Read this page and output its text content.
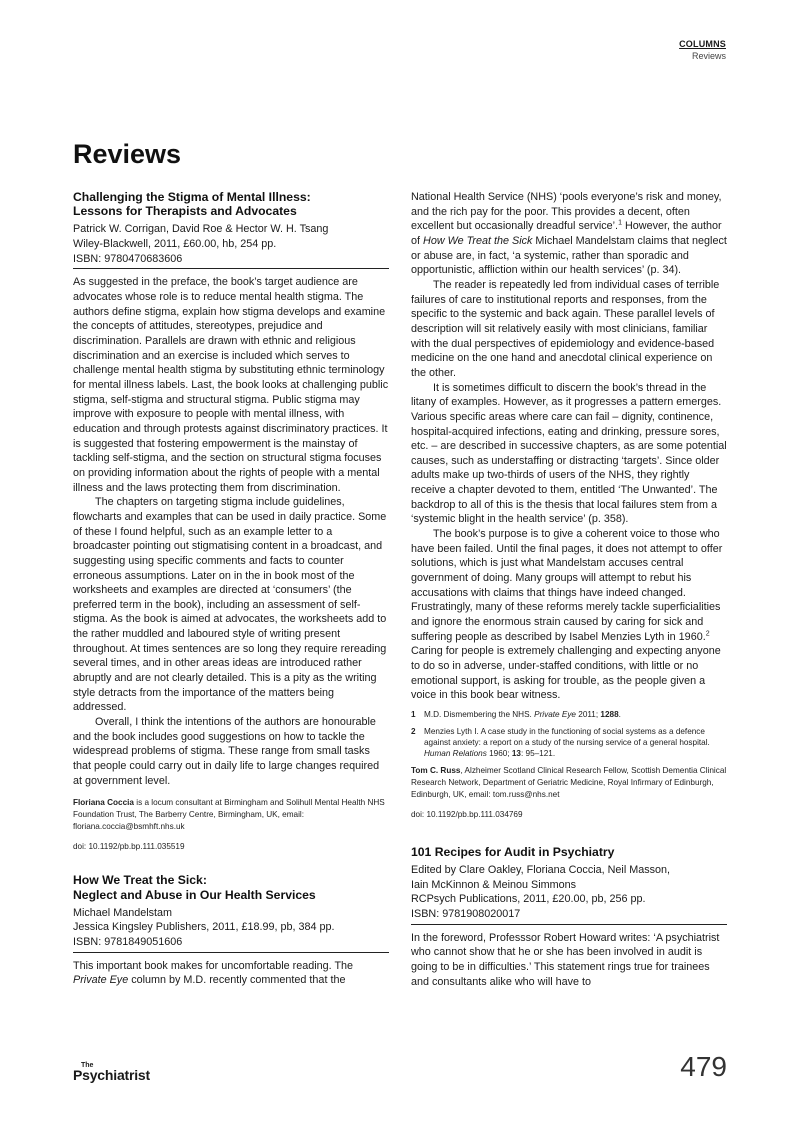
COLUMNS
Reviews
Reviews
Challenging the Stigma of Mental Illness:
Lessons for Therapists and Advocates
Patrick W. Corrigan, David Roe & Hector W. H. Tsang
Wiley-Blackwell, 2011, £60.00, hb, 254 pp.
ISBN: 9780470683606

As suggested in the preface, the book’s target audience are advocates whose role is to reduce mental health stigma. The authors define stigma, explain how stigma develops and examine the concepts of attitudes, stereotypes, prejudice and discrimination. Parallels are drawn with ethnic and religious discrimination and an exercise is included which serves to challenge mental health stigma by substituting ethnic terminology for mental illness labels. Last, the book looks at challenging public stigma, self-stigma and structural stigma. Public stigma may improve with exposure to people with mental illness, with education and through protests against discriminatory practices. It is suggested that fostering empowerment is the mainstay of tackling self-stigma, and the section on structural stigma focuses on providing information about the rights of people with a mental illness and the laws protecting them from discrimination.

The chapters on targeting stigma include guidelines, flowcharts and examples that can be used in daily practice. Some of these I found helpful, such as an example letter to a broadcaster pointing out stigmatising content in a broadcast, and suggesting using specific comments and facts to counter erroneous assumptions. Later on in the in book most of the worksheets and examples are directed at ‘consumers’ (the preferred term in the book), including an assessment of self-stigma. As the book is aimed at advocates, the worksheets add to the rather muddled and laboured style of writing present throughout. At times sentences are so long they require rereading several times, and in other areas ideas are introduced rather abruptly and are not clearly detailed. This is a pity as the writing style detracts from the importance of the matters being addressed.

Overall, I think the intentions of the authors are honourable and the book includes good suggestions on how to tackle the widespread problems of stigma. These range from small tasks that people could carry out in daily life to large changes required at government level.

Floriana Coccia is a locum consultant at Birmingham and Solihull Mental Health NHS Foundation Trust, The Barberry Centre, Birmingham, UK, email: floriana.coccia@bsmhft.nhs.uk
doi: 10.1192/pb.bp.111.035519
How We Treat the Sick:
Neglect and Abuse in Our Health Services
Michael Mandelstam
Jessica Kingsley Publishers, 2011, £18.99, pb, 384 pp.
ISBN: 9781849051606

This important book makes for uncomfortable reading. The Private Eye column by M.D. recently commented that the

National Health Service (NHS) ‘pools everyone’s risk and money, and the rich pay for the poor. This provides a decent, often excellent but occasionally dreadful service’.$^1$ However, the author of How We Treat the Sick Michael Mandelstam claims that neglect or abuse are, in fact, ‘a systemic, rather than sporadic and opportunistic, affliction within our health services’ (p. 34).

The reader is repeatedly led from individual cases of terrible failures of care to institutional reports and responses, from the specific to the systemic and back again. These parallel levels of description will sit relatively easily with most clinicians, familiar with the dual perspectives of epidemiology and evidence-based medicine on the one hand and anecdotal clinical experience on the other.

It is sometimes difficult to discern the book’s thread in the litany of examples. However, as it progresses a pattern emerges. Various specific areas where care can fail – dignity, continence, hospital-acquired infections, eating and drinking, pressure sores, etc. – are described in successive chapters, as are some potential causes, such as understaffing or distracting ‘targets’. Since older adults make up two-thirds of users of the NHS, they rightly receive a chapter devoted to them, entitled ‘The Unwanted’. The backdrop to all of this is the thesis that local failures stem from a ‘systemic blight in the health service’ (p. 358).

The book’s purpose is to give a coherent voice to those who have been failed. Until the final pages, it does not attempt to offer solutions, which is just what Mandelstam accuses central government of doing. Many groups will attempt to rebut his accusations with claims that things have indeed changed. Frustratingly, many of these reforms merely tackle superficialities and ignore the enormous strain caused by caring for sick and suffering people as described by Isabel Menzies Lyth in 1960.$^2$ Caring for people is extremely challenging and expecting anyone to do so in adverse, under-staffed conditions, with little or no emotional support, is asking for trouble, as the people given a voice in this book bear witness.

1	M.D. Dismembering the NHS. Private Eye 2011; 1288.
2	Menzies Lyth I. A case study in the functioning of social systems as a defence against anxiety: a report on a study of the nursing service of a general hospital. Human Relations 1960; 13: 95–121.
Tom C. Russ, Alzheimer Scotland Clinical Research Fellow, Scottish Dementia Clinical Research Network, Department of Geriatric Medicine, Royal Infirmary of Edinburgh, Edinburgh, UK, email: tom.russ@nhs.net
doi: 10.1192/pb.bp.111.034769
101 Recipes for Audit in Psychiatry
Edited by Clare Oakley, Floriana Coccia, Neil Masson,
Iain McKinnon & Meinou Simmons
RCPsych Publications, 2011, £20.00, pb, 256 pp.
ISBN: 9781908020017

In the foreword, Professsor Robert Howard writes: ‘A psychiatrist who cannot show that he or she has been involved in audit is going to be in difficulties.’ This statement rings true for trainees and consultants alike who will have to

The
Psychiatrist	479
